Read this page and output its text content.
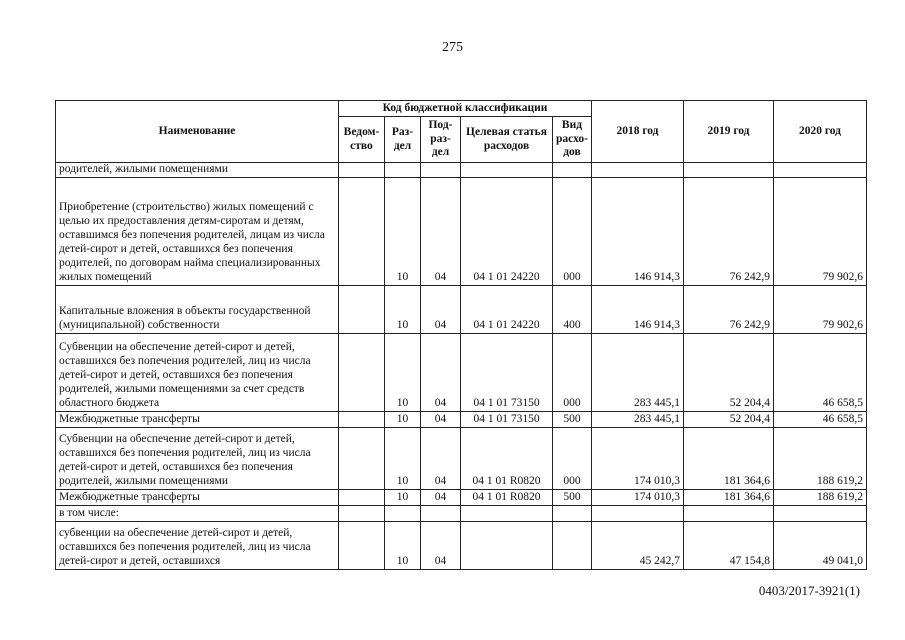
275
Наименование	Код бюджетной классификации					2018 год	2019 год	2020 год
	Ведом-ство	Раз-дел	Под-раз-дел	Целевая статья расходов	Вид расхо-дов			
родителей, жилыми помещениями								
Приобретение (строительство) жилых помещений с целью их предоставления детям-сиротам и детям, оставшимся без попечения родителей, лицам из числа детей-сирот и детей, оставшихся без попечения родителей, по договорам найма специализированных жилых помещений		10	04	04 1 01 24220	000	146 914,3	76 242,9	79 902,6
Капитальные вложения в объекты государственной (муниципальной) собственности		10	04	04 1 01 24220	400	146 914,3	76 242,9	79 902,6
Субвенции на обеспечение детей-сирот и детей, оставшихся без попечения родителей, лиц из числа детей-сирот и детей, оставшихся без попечения родителей, жилыми помещениями за счет средств областного бюджета		10	04	04 1 01 73150	000	283 445,1	52 204,4	46 658,5
Межбюджетные трансферты		10	04	04 1 01 73150	500	283 445,1	52 204,4	46 658,5
Субвенции на обеспечение детей-сирот и детей, оставшихся без попечения родителей, лиц из числа детей-сирот и детей, оставшихся без попечения родителей, жилыми помещениями		10	04	04 1 01 R0820	000	174 010,3	181 364,6	188 619,2
Межбюджетные трансферты		10	04	04 1 01 R0820	500	174 010,3	181 364,6	188 619,2
в том числе:								
субвенции на обеспечение детей-сирот и детей, оставшихся без попечения родителей, лиц из числа детей-сирот и детей, оставшихся		10	04			45 242,7	47 154,8	49 041,0
0403/2017-3921(1)
